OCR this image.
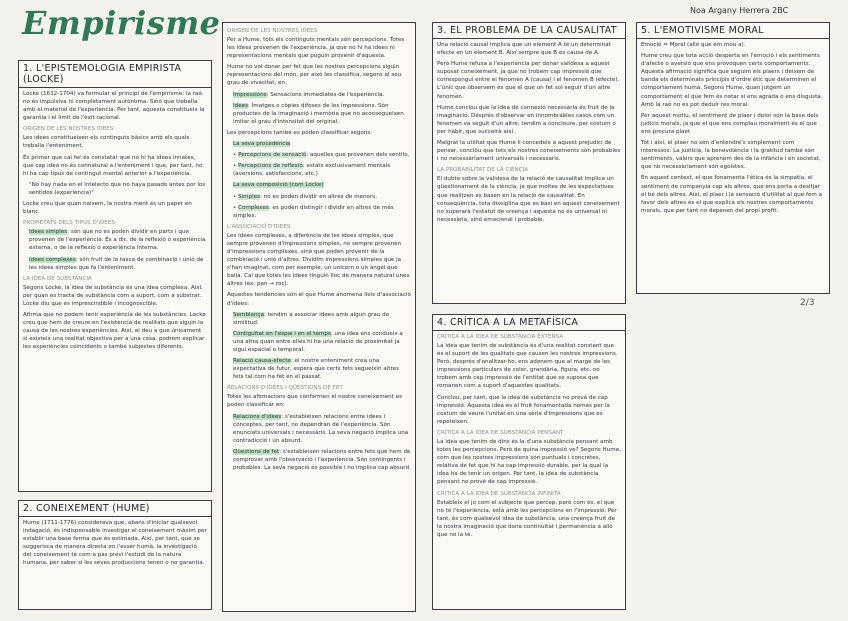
Empirisme	Noa Argany Herrera 2BC
2/3
1. L'EPISTEMOLOGIA EMPIRISTA (LOCKE)

Locke (1632-1704) va formular el principi de l'empirisme: la raó no és impulsiva ni completament autònoma. Sinó que treballa amb el material de l'experiència. Per tant, aquesta constitueix la garantia i el límit de l'èxit racional.

ORIGEN DE LES NOSTRES IDEES

Les idees constitueixen els continguts bàsics amb els quals treballa l'enteniment.

És primer que cal fer és constatar que no hi ha idees innates, que cap idea no és connatural a l'enteniment i que, per tant, no hi ha cap tipus de contingut mental anterior a l'experiència.

"No hay nada en el intelecto que no haya pasado antes por los sentidos (experiencia)"

Locke creu que quan naixem, la nostra ment és un paper en blanc.

PROPIETATS DELS TIPUS D'IDEES

Idees simples: són que no es poden dividir en parts i que provenen de l'experiència. És a dir, de la reflexió o experiència externa, o de la reflexió o experiència interna.

Idees complexes: són fruit de la tasca de combinació i unió de les idees simples que fa l'enteniment.

LA IDEA DE SUBSTÀNCIA

Segons Locke, la idea de substància és una idea complexa. Així, per quan es tracta de substància com a suport, com a substrat. Locke diu que és imprescindible i incognoscible.

Afirma que no podem tenir experiència de les substàncies. Locke creu que hem de creure en l'existència de realitats que siguin la causa de les nostres experiències. Així, el deu a que únicament si existeix una realitat objectiva per a una cosa, podrem explicar les experiències coincidents o també subjectes diferents.

2. CONEIXEMENT (HUME)

Hume (1711-1776) considerava que, abans d'iniciar qualsevol indagació, és indispensable investigar el coneixement màxim per establir una base ferma que és estimada. Així, per tant, que se suggerisca de manera directa en l'esser humà, la investigació del coneixement té com a pas previ l'estudi de la natura humana, per saber si les seves produccions tenen o no garantia.

ORIGEN DE LES NOSTRES IDEES

Per a Hume, tots els continguts mentals són percepcions. Totes les idees provenen de l'experiència, ja que no hi ha idees ni representacions mentals que puguin provenir d'aquesta.

Hume no vol donar per fet que les nostres percepcions siguin representacions del món, per això les classifica, segons el seu grau de vivacitat, en:

Impressions: Sensacions immediates de l'experiència.

Idees: Imatges o còpies difoses de les impressions. Són productes de la imaginació i memòria que no aconsegueixen imitar el grau d'intensitat del original.

Les percepcions també es poden classificar segons:

La seva procedència

• Percepcions de sensació: aquelles que provenen dels sentits.

• Percepcions de reflexió: estats exclusivament mentals (aversions, satisfaccions, etc.)

La seva composició (com Locke)

• Simples: no es poden dividir en altres de menors.

• Complexes: es poden distingir i dividir en altres de més simples.

L'ASSOCIACIÓ D'IDEES

Les idees complexes, a diferència de les idees simples, que sempre provenen d'impressions simples, no sempre provenen d'impressions complexes, sinó que poden provenir de la combinació i unió d'altres. Dividim impressions simples que ja s'han imaginat, com per exemple, un unicorn o un àngel que balla. Cal que totes les idees tinguin lloc de manera natural unes altres (ex: pan → roc).

Aquestes tendències són el que Hume anomena lleis d'associació d'idees:

Semblança: tendim a associar idees amb algun grau de similitud.

Contiguïtat en l'espai i en el temps: una idea ens condueix a una altra quan entre elles hi ha una relació de proximitat ja sigui espacial o temporal.

Relació causa-efecte: el nostre enteniment crea una expectativa de futur, espera que certs fets segueixin altres fets tal com ha fet en el passat.

RELACIONS D'IDEES I QÜESTIONS DE FET

Totes les afirmacions que conformen el nostre coneixement es poden classificar en:

Relacions d'idees: s'estableixen relacions entre idees i conceptes, per tant, no dependran de l'experiència. Són enunciats universals i necessaris. La seva negació implica una contradicció i un absurd.

Qüestions de fet: s'estableixen relacions entre fets que hem de comprovar amb l'observació i l'experiència. Són contingents i probables. La seva negació és possible i no implica cap absurd.

3. EL PROBLEMA DE LA CAUSALITAT

Una relació causal implica que un element A té un determinat efecte en un element B. Així sempre que B és causa de A.

Però Hume refusa a l'experiència per donar validesa a aquest suposat coneixement, ja que no trobem cap impressió que correspongui entre el fenomen A (causa) i el fenomen B (efecte). L'únic que observem és que el que un fet sol seguir d'un altre fenomen.

Hume conclou que la idea de connexió necessària és fruit de la imaginació. Després d'observar en innombrables casos com un fenomen va seguit d'un altre, tendim a concloure, per costum o per hàbit, que succeirà així.

Malgrat la utilitat que Hume li concedeix a aquest prejudici de pensar, conclou que tots els nostres coneixements són probables i no necessàriament universals i necessaris.

LA PROBABILITAT DE LA CIÈNCIA

El dubte sobre la validesa de la relació de causalitat implica un qüestionament de la ciència, ja que moltes de les expectatives que realitzen es basen en la relació de causalitat. En conseqüència, tota disciplina que es basi en aquest coneixement no superarà l'estatut de creença i aquesta no és universal ni necessària, sinó emocional i probable.

4. CRÍTICA A LA METAFÍSICA
CRÍTICA A LA IDEA DE SUBSTÀNCIA EXTENSA

La idea que tenim de substància és d'una realitat constant que és el suport de les qualitats que causen les nostres impressions. Però, després d'analitzar-ho, ens adonem que al marge de les impressions particulars de color, grandària, figura, etc. no trobem amb cap impressió de l'entitat que se suposa que romanen com a suport d'aquestes qualitats.

Conclou, per tant, que la idea de substància no prové de cap impressió. Aquesta idea és el fruit fonamentada només per la costum de veure l'unitat en una sèrie d'impressions que es repeteixen.

CRÍTICA A LA IDEA DE SUBSTÀNCIA PENSANT

La idea que tenim de dins és la d'una substància pensant amb totes les percepcions. Però de quina impressió ve? Segons Hume, com que les nostres impressions són puntuals i concretes, relativa de fet que hi ha cap impressió durable, per la qual la idea ha de tenir un origen. Per tant, la idea de substància pensant no prové de cap impressió.

CRÍTICA A LA IDEA DE SUBSTÀNCIA INFINITA

Estableix el jo com el subjecte que percep, però com és, el que no té l'experiència, està amb les percepcions en l'impressió. Per tant, és com qualsevol idea de substància, una creença fruit de la nostra imaginació que dona continuïtat i permanència a allò que no la té.

5. L'EMOTIVISME MORAL

Emoció = Moral (allò que em mou a).

Hume creu que tota acció desperta en l'emoció i els sentiments d'afecte o aversió que ens provoquen certs comportaments. Aquesta afirmació significa que seguim els plaers i deixem de banda els determinats principis d'ordre ètic que determinen el comportament humà. Segons Hume, quan jutgem un comportament el que fem és notar si ens agrada o ens disgusta. Amb la raó no es pot deduir res moral.

Per aquest motiu, el sentiment de plaer i dolor són la base dels judicis morals, ja que el que ens complau moralment és el que ens procura plaer.

Tot i així, el plaer no són d'entendre's simplement com interessos. La justícia, la benevolència i la gratitud també són sentiments, valors que aprenem des de la infància i en societat, que no necessàriament són egoistes.

En aquest context, el que fonamenta l'ètica és la simpatia, el sentiment de companyia cap als altres, que ens porta a desitjar el bé dels altres. Així, el plaer i la sensació d'utilitat al que fem a favor dels altres és el que explica els nostres comportaments morals, que per tant no depenen del propi profit.
